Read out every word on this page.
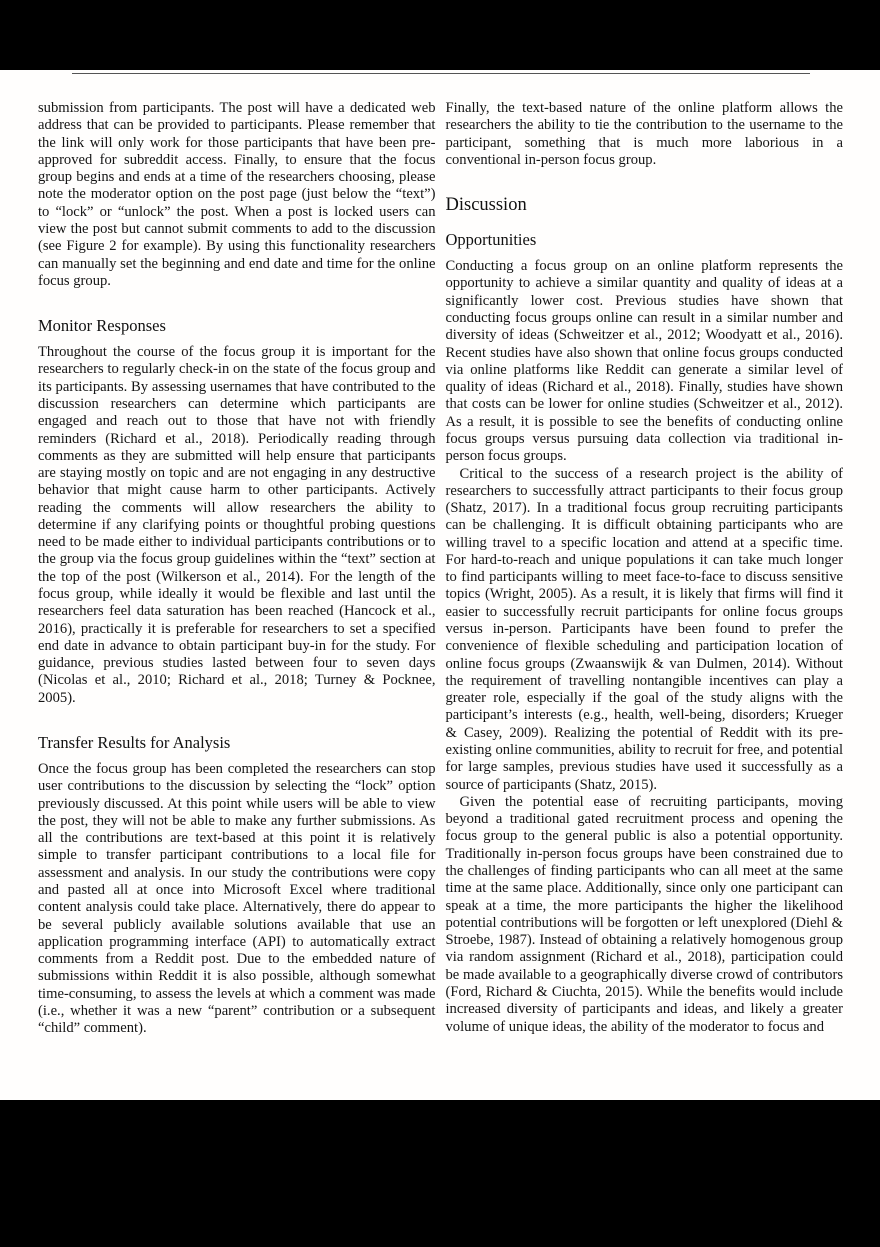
submission from participants. The post will have a dedicated web address that can be provided to participants. Please remember that the link will only work for those participants that have been pre-approved for subreddit access. Finally, to ensure that the focus group begins and ends at a time of the researchers choosing, please note the moderator option on the post page (just below the “text”) to “lock” or “unlock” the post. When a post is locked users can view the post but cannot submit comments to add to the discussion (see Figure 2 for example). By using this functionality researchers can manually set the beginning and end date and time for the online focus group.

Monitor Responses

Throughout the course of the focus group it is important for the researchers to regularly check-in on the state of the focus group and its participants. By assessing usernames that have contributed to the discussion researchers can determine which participants are engaged and reach out to those that have not with friendly reminders (Richard et al., 2018). Periodically reading through comments as they are submitted will help ensure that participants are staying mostly on topic and are not engaging in any destructive behavior that might cause harm to other participants. Actively reading the comments will allow researchers the ability to determine if any clarifying points or thoughtful probing questions need to be made either to individual participants contributions or to the group via the focus group guidelines within the “text” section at the top of the post (Wilkerson et al., 2014). For the length of the focus group, while ideally it would be flexible and last until the researchers feel data saturation has been reached (Hancock et al., 2016), practically it is preferable for researchers to set a specified end date in advance to obtain participant buy-in for the study. For guidance, previous studies lasted between four to seven days (Nicolas et al., 2010; Richard et al., 2018; Turney & Pocknee, 2005).

Transfer Results for Analysis

Once the focus group has been completed the researchers can stop user contributions to the discussion by selecting the “lock” option previously discussed. At this point while users will be able to view the post, they will not be able to make any further submissions. As all the contributions are text-based at this point it is relatively simple to transfer participant contributions to a local file for assessment and analysis. In our study the contributions were copy and pasted all at once into Microsoft Excel where traditional content analysis could take place. Alternatively, there do appear to be several publicly available solutions available that use an application programming interface (API) to automatically extract comments from a Reddit post. Due to the embedded nature of submissions within Reddit it is also possible, although somewhat time-consuming, to assess the levels at which a comment was made (i.e., whether it was a new “parent” contribution or a subsequent “child” comment).

Finally, the text-based nature of the online platform allows the researchers the ability to tie the contribution to the username to the participant, something that is much more laborious in a conventional in-person focus group.

Discussion
Opportunities

Conducting a focus group on an online platform represents the opportunity to achieve a similar quantity and quality of ideas at a significantly lower cost. Previous studies have shown that conducting focus groups online can result in a similar number and diversity of ideas (Schweitzer et al., 2012; Woodyatt et al., 2016). Recent studies have also shown that online focus groups conducted via online platforms like Reddit can generate a similar level of quality of ideas (Richard et al., 2018). Finally, studies have shown that costs can be lower for online studies (Schweitzer et al., 2012). As a result, it is possible to see the benefits of conducting online focus groups versus pursuing data collection via traditional in-person focus groups.

Critical to the success of a research project is the ability of researchers to successfully attract participants to their focus group (Shatz, 2017). In a traditional focus group recruiting participants can be challenging. It is difficult obtaining participants who are willing travel to a specific location and attend at a specific time. For hard-to-reach and unique populations it can take much longer to find participants willing to meet face-to-face to discuss sensitive topics (Wright, 2005). As a result, it is likely that firms will find it easier to successfully recruit participants for online focus groups versus in-person. Participants have been found to prefer the convenience of flexible scheduling and participation location of online focus groups (Zwaanswijk & van Dulmen, 2014). Without the requirement of travelling nontangible incentives can play a greater role, especially if the goal of the study aligns with the participant’s interests (e.g., health, well-being, disorders; Krueger & Casey, 2009). Realizing the potential of Reddit with its pre-existing online communities, ability to recruit for free, and potential for large samples, previous studies have used it successfully as a source of participants (Shatz, 2015).

Given the potential ease of recruiting participants, moving beyond a traditional gated recruitment process and opening the focus group to the general public is also a potential opportunity. Traditionally in-person focus groups have been constrained due to the challenges of finding participants who can all meet at the same time at the same place. Additionally, since only one participant can speak at a time, the more participants the higher the likelihood potential contributions will be forgotten or left unexplored (Diehl & Stroebe, 1987). Instead of obtaining a relatively homogenous group via random assignment (Richard et al., 2018), participation could be made available to a geographically diverse crowd of contributors (Ford, Richard & Ciuchta, 2015). While the benefits would include increased diversity of participants and ideas, and likely a greater volume of unique ideas, the ability of the moderator to focus and
